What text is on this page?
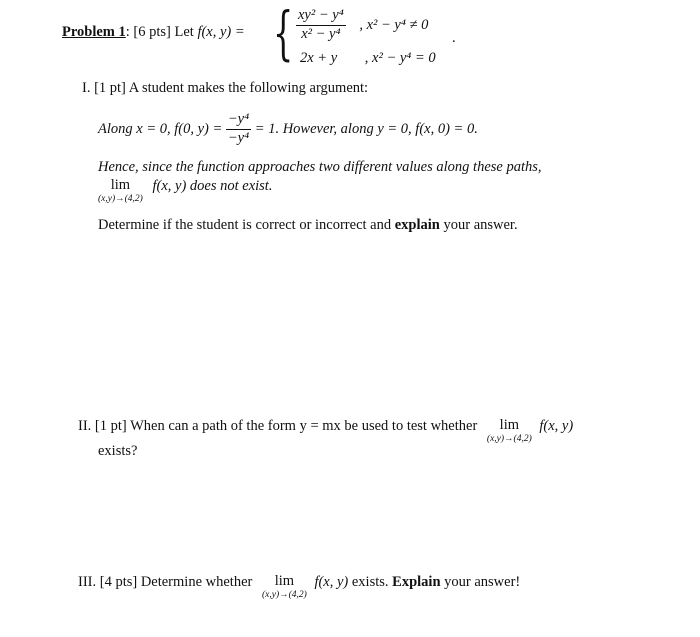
Problem 1: [6 pts] Let f(x, y) = { $\frac{\text{xy² − y⁴}}{\text{x² − y⁴}}$ , x² − y⁴ ≠ 0
2x + y , x² − y⁴ = 0
.
I. [1 pt] A student makes the following argument:
Along x = 0, f(0, $y) = \frac{\text{−y⁴}}{\text{−y⁴}} = 1$. However, along y = 0, f(x, 0) = 0.
Hence, since the function approaches two different values along these paths,
lim
(x,y)→(4,2)
f(x, y) does not exist.
Determine if the student is correct or incorrect and explain your answer.
II. [1 pt] When can a path of the form y = mx be used to test whether lim
(x,y)→(4,2)
f(x, y)
exists?
III. [4 pts] Determine whether lim
(x,y)→(4,2)
f(x, y) exists. Explain your answer!
